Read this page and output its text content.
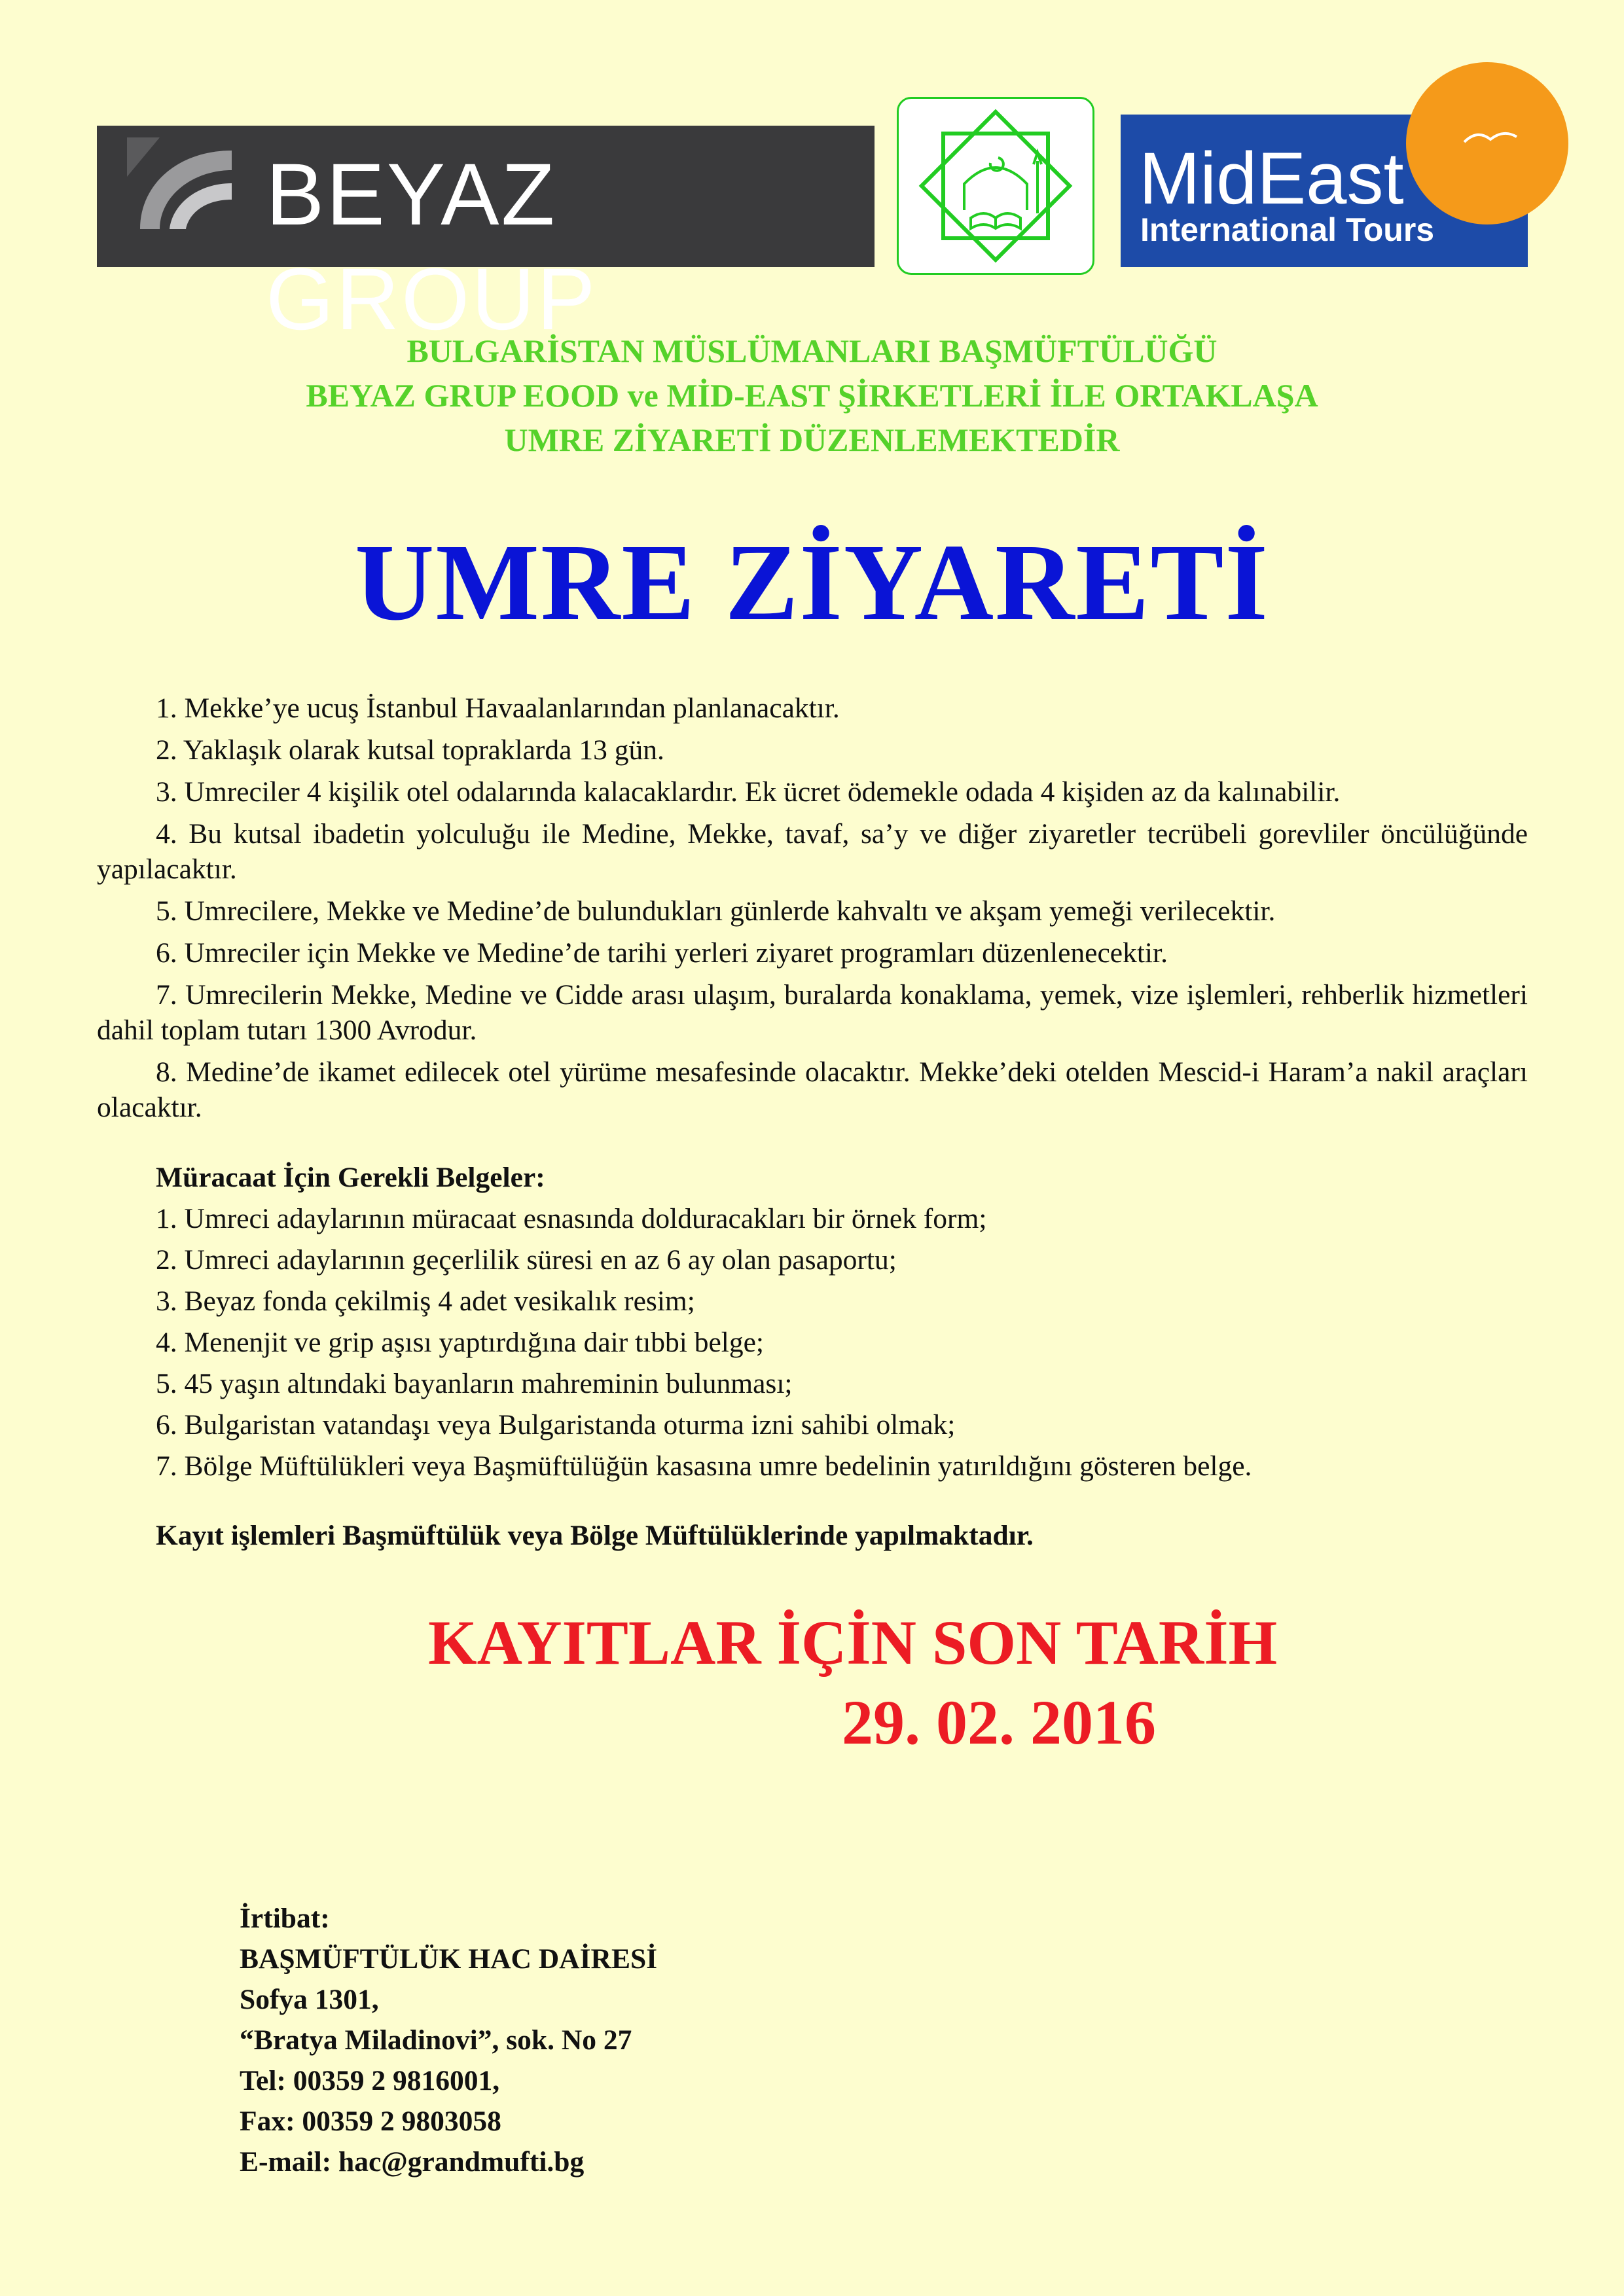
BEYAZ GROUP
MidEast
International Tours
BULGARİSTAN MÜSLÜMANLARI BAŞMÜFTÜLÜĞÜ
BEYAZ GRUP EOOD ve MİD-EAST ŞİRKETLERİ İLE ORTAKLAŞA
UMRE ZİYARETİ DÜZENLEMEKTEDİR
UMRE ZİYARETİ

1. Mekke’ye ucuş İstanbul Havaalanlarından planlanacaktır.

2. Yaklaşık olarak kutsal topraklarda 13 gün.

3. Umreciler 4 kişilik otel odalarında kalacaklardır. Ek ücret ödemekle odada 4 kişiden az da kalınabilir.

4. Bu kutsal ibadetin yolculuğu ile Medine, Mekke, tavaf, sa’y ve diğer ziyaretler tecrübeli gorevliler öncülüğünde yapılacaktır.

5. Umrecilere, Mekke ve Medine’de bulundukları günlerde kahvaltı ve akşam yemeği verilecektir.

6. Umreciler için Mekke ve Medine’de tarihi yerleri ziyaret programları düzenlenecektir.

7. Umrecilerin Mekke, Medine ve Cidde arası ulaşım, buralarda konaklama, yemek, vize işlemleri, rehberlik hizmetleri dahil toplam tutarı 1300 Avrodur.

8. Medine’de ikamet edilecek otel yürüme mesafesinde olacaktır. Mekke’deki otelden Mescid-i Haram’a nakil araçları olacaktır.

Müracaat İçin Gerekli Belgeler:

1. Umreci adaylarının müracaat esnasında dolduracakları bir örnek form;

2. Umreci adaylarının geçerlilik süresi en az 6 ay olan pasaportu;

3. Beyaz fonda çekilmiş 4 adet vesikalık resim;

4. Menenjit ve grip aşısı yaptırdığına dair tıbbi belge;

5. 45 yaşın altındaki bayanların mahreminin bulunması;

6. Bulgaristan vatandaşı veya Bulgaristanda oturma izni sahibi olmak;

7. Bölge Müftülükleri veya Başmüftülüğün kasasına umre bedelinin yatırıldığını gösteren belge.

Kayıt işlemleri Başmüftülük veya Bölge Müftülüklerinde yapılmaktadır.
KAYITLAR İÇİN SON TARİH
29. 02. 2016

İrtibat:

BAŞMÜFTÜLÜK HAC DAİRESİ

Sofya 1301,

“Bratya Miladinovi”, sok. No 27

Tel: 00359 2 9816001,

Fax: 00359 2 9803058

E-mail: hac@grandmufti.bg
